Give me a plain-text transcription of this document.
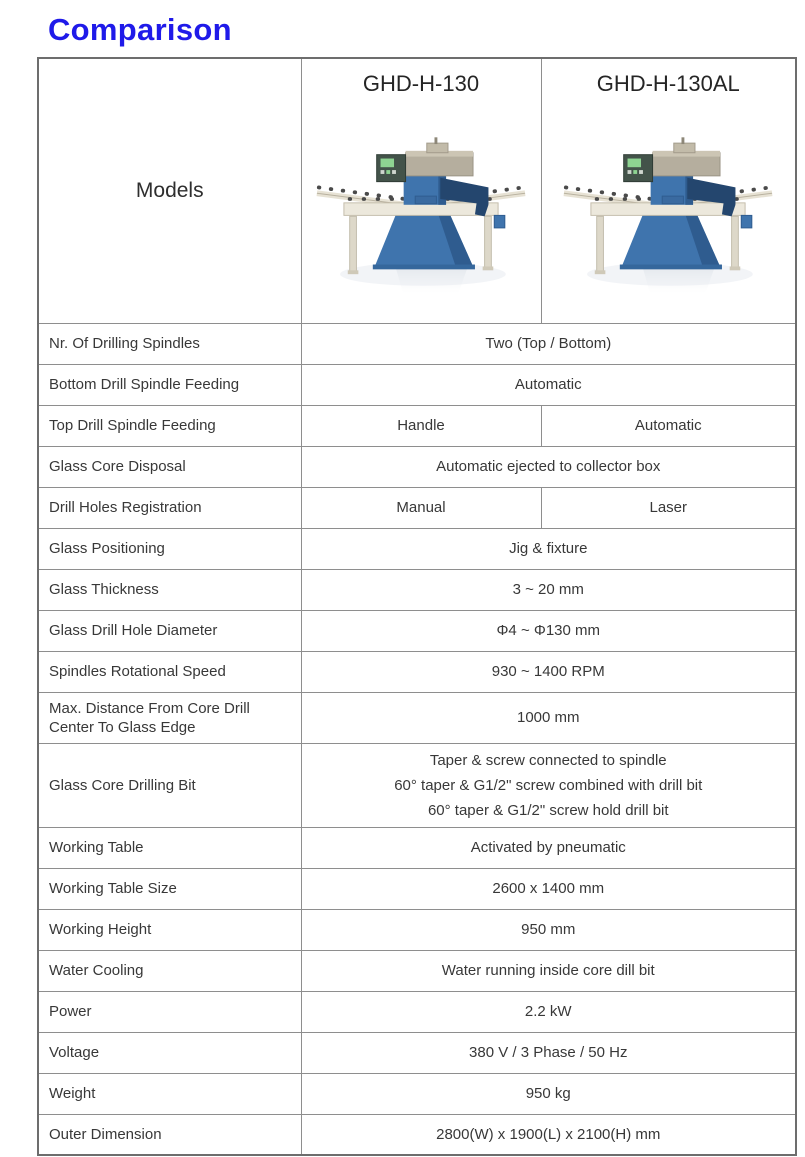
Comparison
Models	GHD-H-130	GHD-H-130AL

Nr. Of Drilling Spindles	Two (Top / Bottom)	

Bottom Drill Spindle Feeding	Automatic	

Top Drill Spindle Feeding	Handle	Automatic

Glass Core Disposal	Automatic ejected to collector box	

Drill Holes Registration	Manual	Laser

Glass Positioning	Jig & fixture	

Glass Thickness	3 ~ 20 mm	

Glass Drill Hole Diameter	Φ4 ~ Φ130 mm	

Spindles Rotational Speed	930 ~ 1400 RPM	

Max. Distance From Core Drill Center To Glass Edge	1000 mm	

Glass Core Drilling Bit	Taper & screw connected to spindle
60° taper & G1/2" screw combined with drill bit
60° taper & G1/2" screw hold drill bit	

Working Table	Activated by pneumatic	

Working Table Size	2600 x 1400 mm	

Working Height	950 mm	

Water Cooling	Water running inside core dill bit	

Power	2.2 kW	

Voltage	380 V / 3 Phase / 50 Hz	

Weight	950 kg	

Outer Dimension	2800(W) x 1900(L) x 2100(H) mm	
